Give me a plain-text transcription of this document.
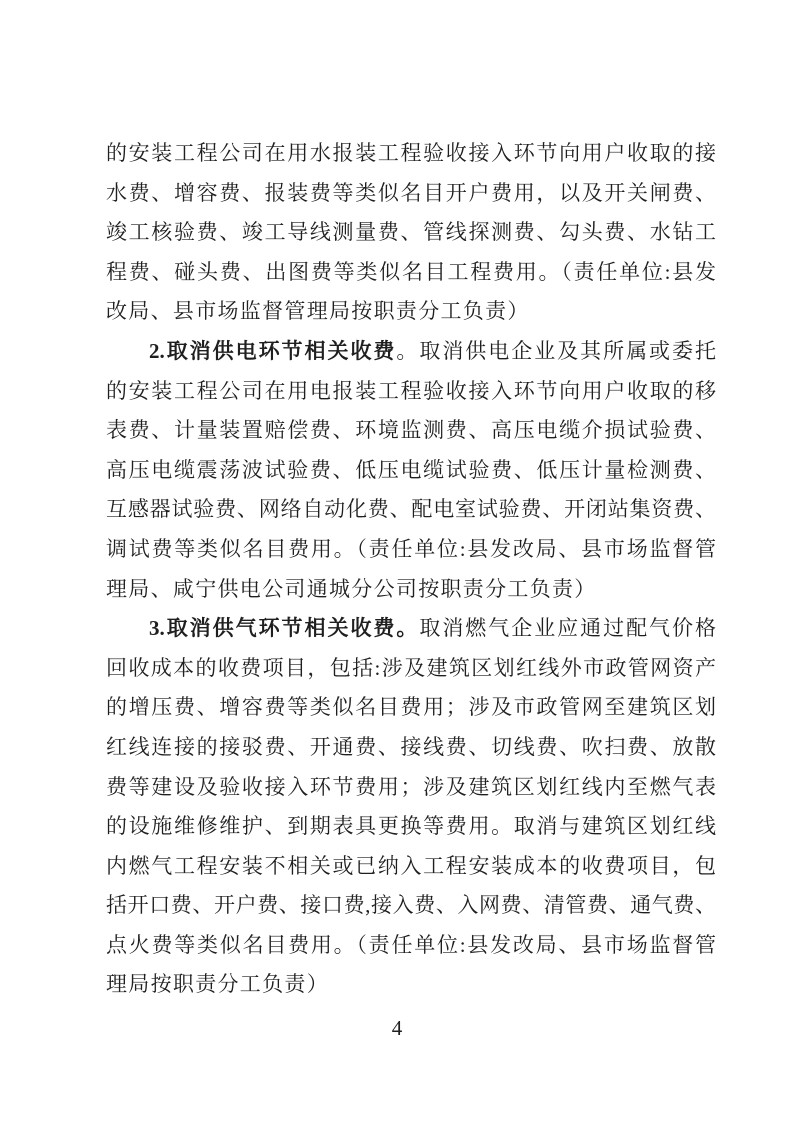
的安装工程公司在用水报装工程验收接入环节向用户收取的接
水费、增容费、报装费等类似名目开户费用，以及开关闸费、
竣工核验费、竣工导线测量费、管线探测费、勾头费、水钻工
程费、碰头费、出图费等类似名目工程费用。（责任单位:县发
改局、县市场监督管理局按职责分工负责）
2.取消供电环节相关收费。取消供电企业及其所属或委托
的安装工程公司在用电报装工程验收接入环节向用户收取的移
表费、计量装置赔偿费、环境监测费、高压电缆介损试验费、
高压电缆震荡波试验费、低压电缆试验费、低压计量检测费、
互感器试验费、网络自动化费、配电室试验费、开闭站集资费、
调试费等类似名目费用。（责任单位:县发改局、县市场监督管
理局、咸宁供电公司通城分公司按职责分工负责）
3.取消供气环节相关收费。取消燃气企业应通过配气价格
回收成本的收费项目，包括:涉及建筑区划红线外市政管网资产
的增压费、增容费等类似名目费用；涉及市政管网至建筑区划
红线连接的接驳费、开通费、接线费、切线费、吹扫费、放散
费等建设及验收接入环节费用；涉及建筑区划红线内至燃气表
的设施维修维护、到期表具更换等费用。取消与建筑区划红线
内燃气工程安装不相关或已纳入工程安装成本的收费项目，包
括开口费、开户费、接口费,接入费、入网费、清管费、通气费、
点火费等类似名目费用。（责任单位:县发改局、县市场监督管
理局按职责分工负责）
4
